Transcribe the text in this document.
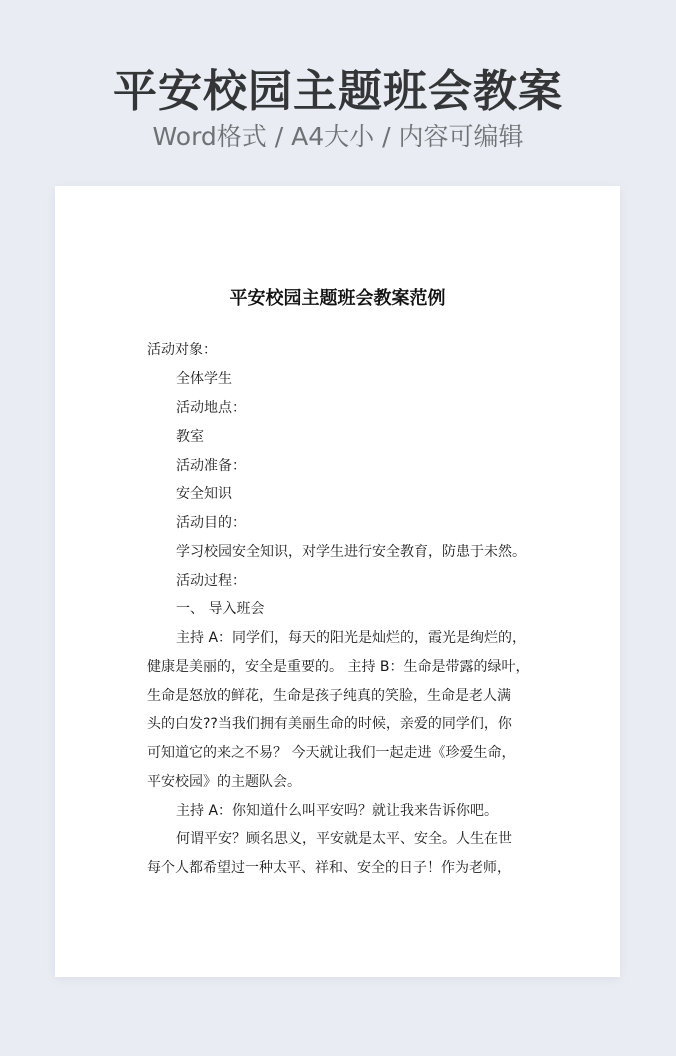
平安校园主题班会教案
Word格式 / A4大小 / 内容可编辑
平安校园主题班会教案范例
活动对象：
全体学生
活动地点：
教室
活动准备：
安全知识
活动目的：
学习校园安全知识，对学生进行安全教育，防患于未然。
活动过程：
一、 导入班会
主持 A：同学们，每天的阳光是灿烂的，霞光是绚烂的，
健康是美丽的，安全是重要的。 主持 B：生命是带露的绿叶，
生命是怒放的鲜花，生命是孩子纯真的笑脸，生命是老人满
头的白发??当我们拥有美丽生命的时候，亲爱的同学们，你
可知道它的来之不易？ 今天就让我们一起走进《珍爱生命，
平安校园》的主题队会。
主持 A：你知道什么叫平安吗？就让我来告诉你吧。
何谓平安？顾名思义，平安就是太平、安全。人生在世
每个人都希望过一种太平、祥和、安全的日子！作为老师，
